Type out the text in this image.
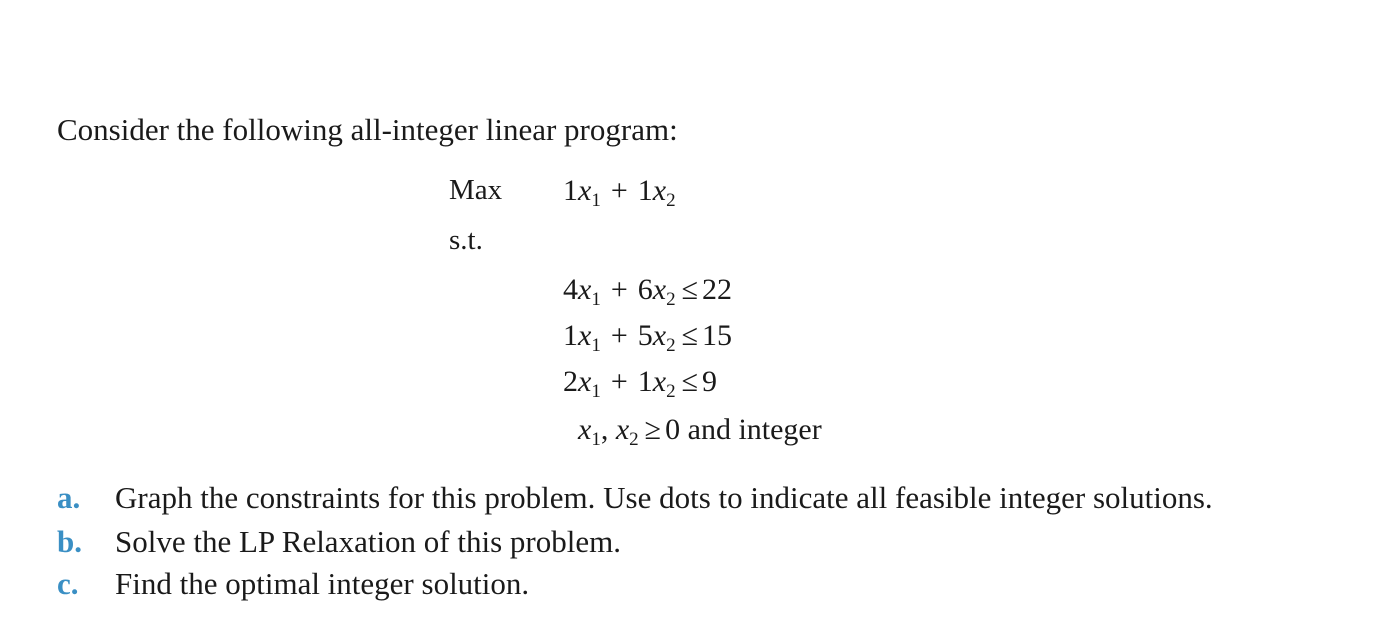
Consider the following all-integer linear program:
Max
s.t.
$1x_1 + 1x_2$
$4x_1 + 6x_2 \le 22$
$1x_1 + 5x_2 \le 15$
$2x_1 + 1x_2 \le 9$
$x_1$, $x_2 \ge 0$ and integer
a. Graph the constraints for this problem. Use dots to indicate all feasible integer solutions.
b. Solve the LP Relaxation of this problem.
c. Find the optimal integer solution.
